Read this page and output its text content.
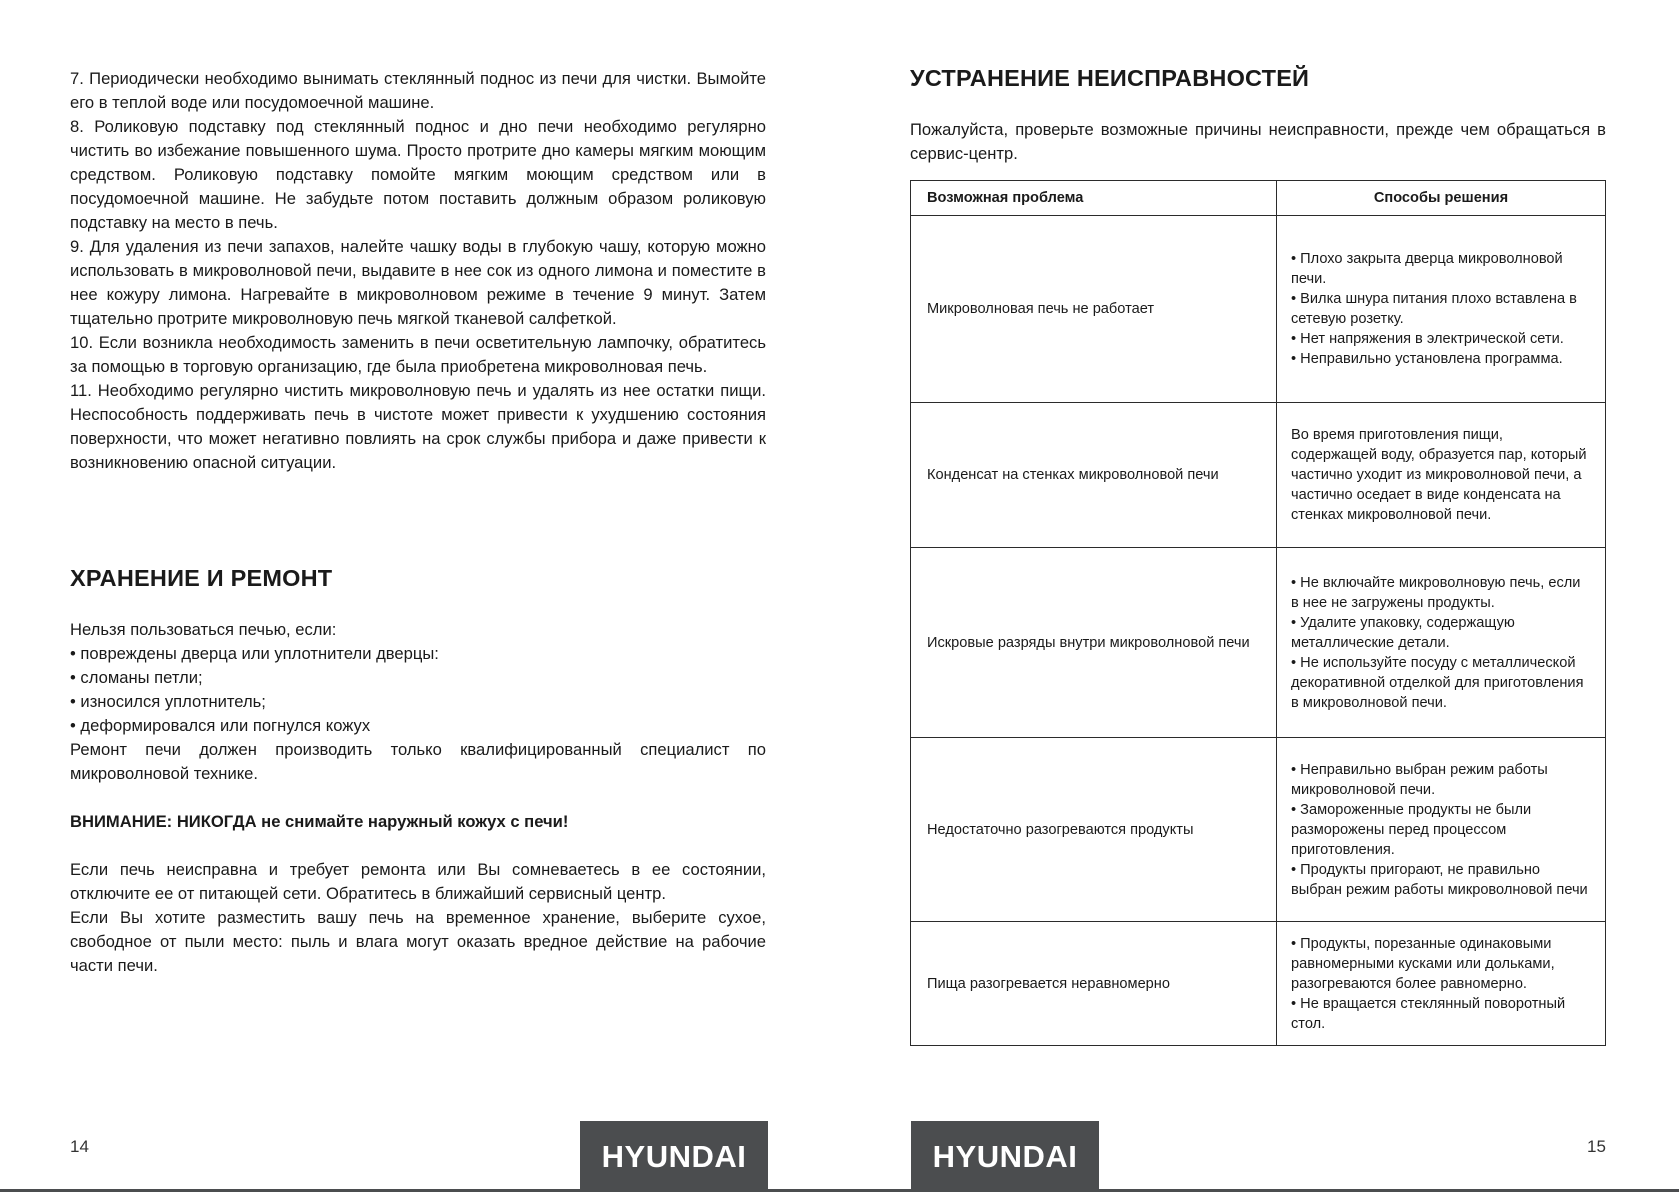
7. Периодически необходимо вынимать стеклянный поднос из печи для чистки. Вымойте его в теплой воде или посудомоечной машине.

8. Роликовую подставку под стеклянный поднос и дно печи необходимо регулярно чистить во избежание повышенного шума. Просто протрите дно камеры мягким моющим средством. Роликовую подставку помойте мягким моющим средством или в посудомоечной машине. Не забудьте потом поставить должным образом роликовую подставку на место в печь.

9. Для удаления из печи запахов, налейте чашку воды в глубокую чашу, которую можно использовать в микроволновой печи, выдавите в нее сок из одного лимона и поместите в нее кожуру лимона. Нагревайте в микроволновом режиме в течение 9 минут. Затем тщательно протрите микроволновую печь мягкой тканевой салфеткой.

10. Если возникла необходимость заменить в печи осветительную лампочку, обратитесь за помощью в торговую организацию, где была приобретена микроволновая печь.

11. Необходимо регулярно чистить микроволновую печь и удалять из нее остатки пищи. Неспособность поддерживать печь в чистоте может привести к ухудшению состояния поверхности, что может негативно повлиять на срок службы прибора и даже привести к возникновению опасной ситуации.

ХРАНЕНИЕ И РЕМОНТ

Нельзя пользоваться печью, если:

• повреждены дверца или уплотнители дверцы:

• сломаны петли;

• износился уплотнитель;

• деформировался или погнулся кожух

Ремонт печи должен производить только квалифицированный специалист по микроволновой технике.

ВНИМАНИЕ: НИКОГДА не снимайте наружный кожух с печи!

Если печь неисправна и требует ремонта или Вы сомневаетесь в ее состоянии, отключите ее от питающей сети. Обратитесь в ближайший сервисный центр.

Если Вы хотите разместить вашу печь на временное хранение, выберите сухое, свободное от пыли место: пыль и влага могут оказать вредное действие на рабочие части печи.

14	HYUNDAI
УСТРАНЕНИЕ НЕИСПРАВНОСТЕЙ

Пожалуйста, проверьте возможные причины неисправности, прежде чем обращаться в сервис-центр.

Возможная проблема	Способы решения
Микроволновая печь не работает	• Плохо закрыта дверца микроволновой печи.
• Вилка шнура питания плохо вставлена в сетевую розетку.
• Нет напряжения в электрической сети.
• Неправильно установлена программа.

Конденсат на стенках микроволновой печи	Во время приготовления пищи, содержащей воду, образуется пар, который частично уходит из микроволновой печи, а частично оседает в виде конденсата на стенках микроволновой печи.

Искровые разряды внутри микроволновой печи	• Не включайте микроволновую печь, если в нее не загружены продукты.
• Удалите упаковку, содержащую металлические детали.
• Не используйте посуду с металлической декоративной отделкой для приготовления в микроволновой печи.

Недостаточно разогреваются продукты	• Неправильно выбран режим работы микроволновой печи.
• Замороженные продукты не были разморожены перед процессом приготовления.
• Продукты пригорают, не правильно выбран режим работы микроволновой печи

Пища разогревается неравномерно	• Продукты, порезанные одинаковыми равномерными кусками или дольками, разогреваются более равномерно.
• Не вращается стеклянный поворотный стол.
HYUNDAI	15
